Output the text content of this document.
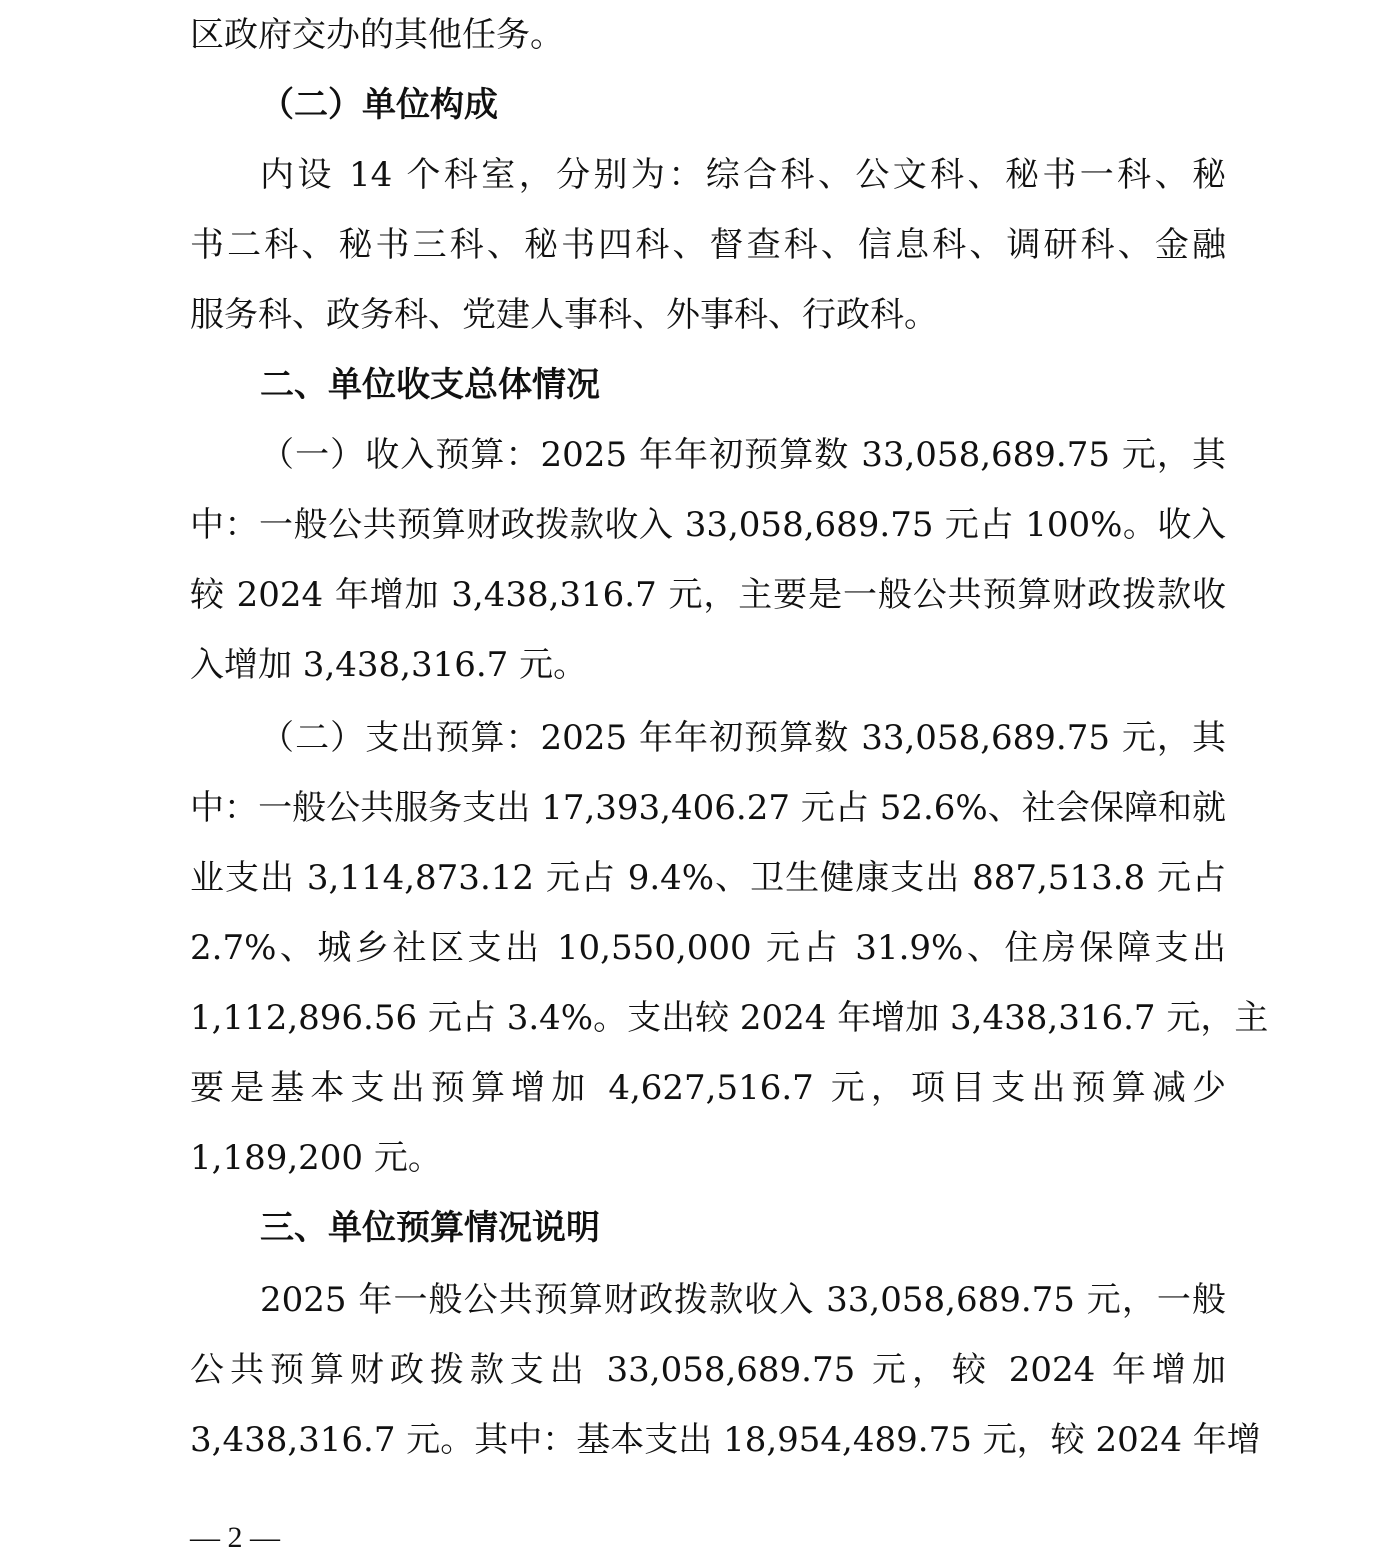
区政府交办的其他任务。
（二）单位构成
内设 14 个科室，分别为：综合科、公文科、秘书一科、秘
书二科、秘书三科、秘书四科、督查科、信息科、调研科、金融
服务科、政务科、党建人事科、外事科、行政科。
二、单位收支总体情况
（一）收入预算：2025 年年初预算数 33,058,689.75 元，其
中：一般公共预算财政拨款收入 33,058,689.75 元占 100%。收入
较 2024 年增加 3,438,316.7 元，主要是一般公共预算财政拨款收
入增加 3,438,316.7 元。
（二）支出预算：2025 年年初预算数 33,058,689.75 元，其
中：一般公共服务支出 17,393,406.27 元占 52.6%、社会保障和就
业支出 3,114,873.12 元占 9.4%、卫生健康支出 887,513.8 元占
2.7%、城乡社区支出 10,550,000 元占 31.9%、住房保障支出
1,112,896.56 元占 3.4%。支出较 2024 年增加 3,438,316.7 元，主
要是基本支出预算增加 4,627,516.7 元，项目支出预算减少
1,189,200 元。
三、单位预算情况说明
2025 年一般公共预算财政拨款收入 33,058,689.75 元，一般
公共预算财政拨款支出 33,058,689.75 元，较 2024 年增加
3,438,316.7 元。其中：基本支出 18,954,489.75 元，较 2024 年增
— 2 —
